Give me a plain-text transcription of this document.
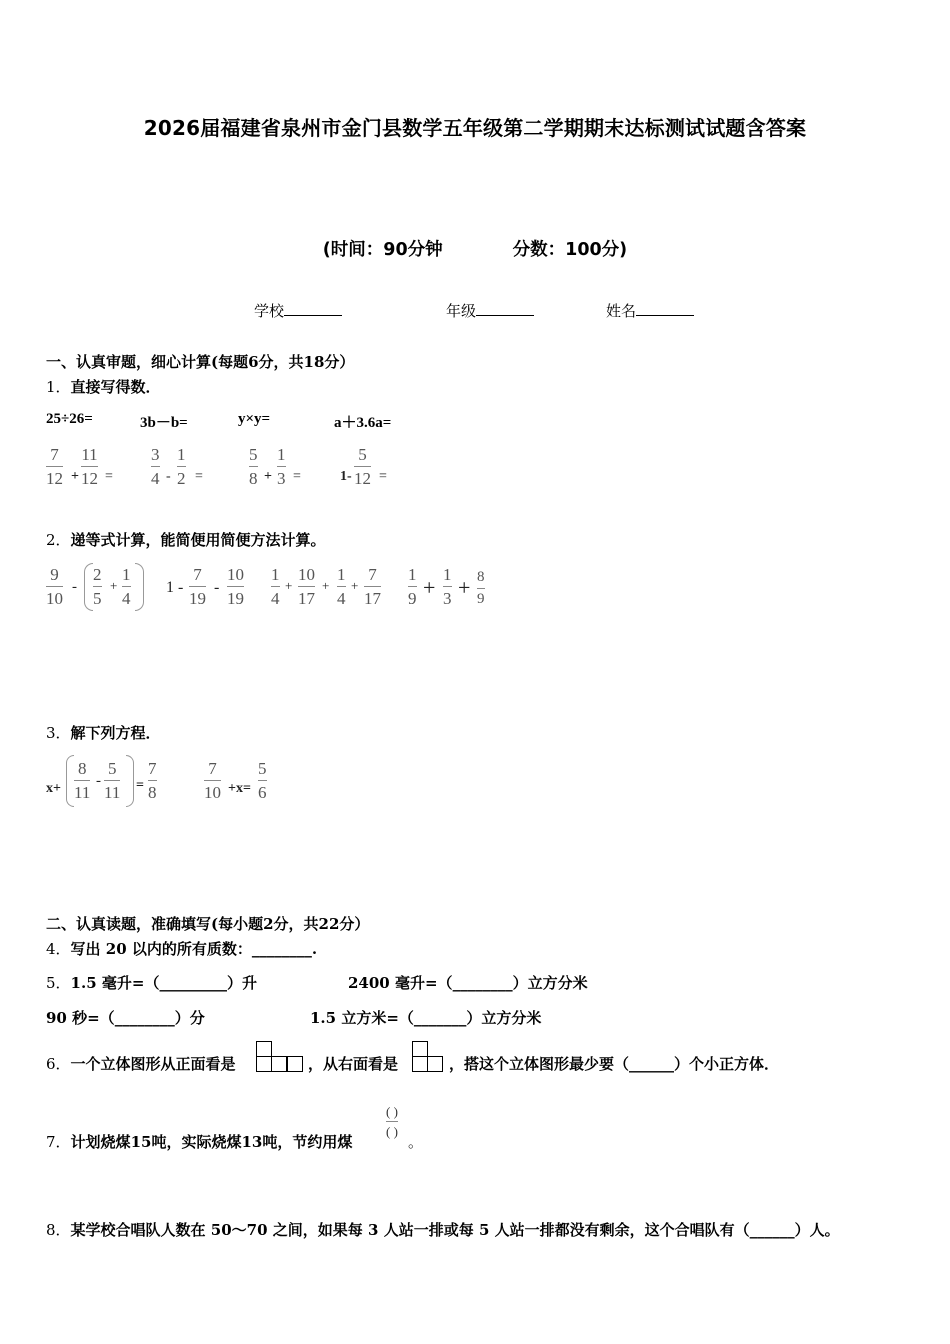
2026届福建省泉州市金门县数学五年级第二学期期末达标测试试题含答案
(时间：90分钟	分数：100分)
学校	年级	姓名
一、认真审题，细心计算(每题6分，共18分）
1．直接写得数．
25÷26=	3b－b=	y×y=	a＋3.6a=
7
12 +
11
12 =
3
4 -
1
2 =
5
8 +
1
3 =	1-
5
12 =
2．递等式计算，能简便用简便方法计算。
9
10
-
2
5
+
1
4
1 -
7
19
-
10
19
1
4
+
10
17
+
1
4
+
7
17
1
9 +
1
3 + 8
9
3．解下列方程．
x+
8
11
-
5
11 =
7
8
7
10 +x=
5
6
二、认真读题，准确填写(每小题2分，共22分）
4．写出 20 以内的所有质数：________.
5．1.5 毫升=（_________）升	2400 毫升=（________）立方分米
90 秒=（________）分	1.5 立方米=（_______）立方分米
6．一个立体图形从正面看是	，从右面看是	，搭这个立体图形最少要（______）个小正方体．
7．计划烧煤15吨，实际烧煤13吨，节约用煤
( )
( )
。
8．某学校合唱队人数在 50～70 之间，如果每 3 人站一排或每 5 人站一排都没有剩余，这个合唱队有（______）人。
